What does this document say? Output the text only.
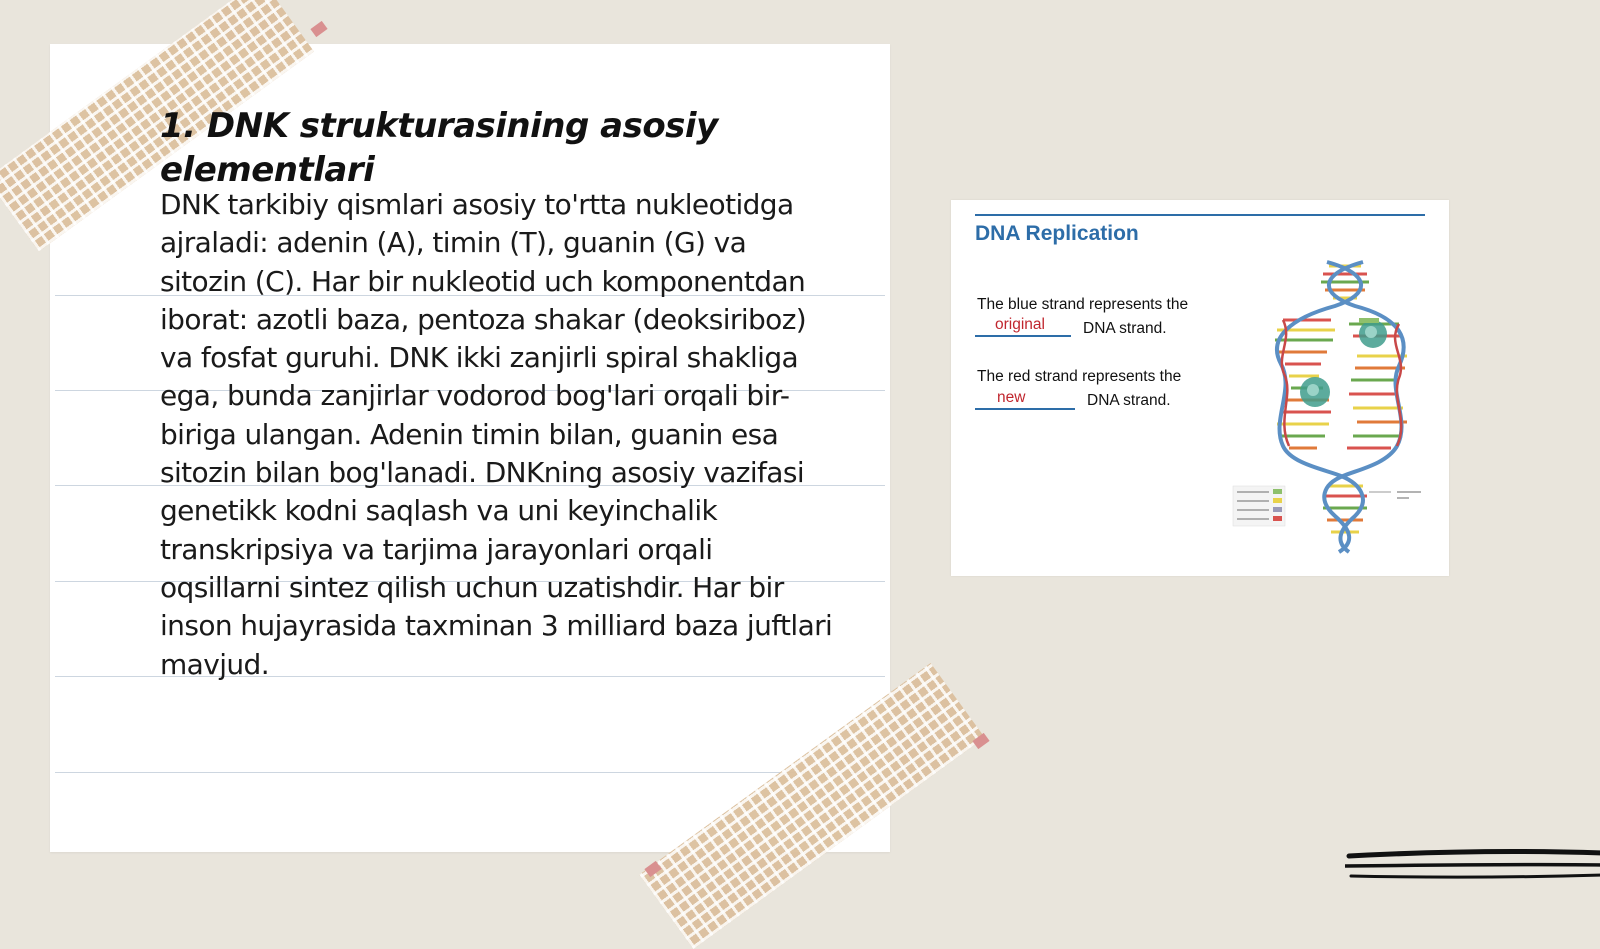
1. DNK strukturasining asosiy elementlari

DNK tarkibiy qismlari asosiy to'rtta nukleotidga ajraladi: adenin (A), timin (T), guanin (G) va sitozin (C). Har bir nukleotid uch komponentdan iborat: azotli baza, pentoza shakar (deoksiriboz) va fosfat guruhi. DNK ikki zanjirli spiral shakliga ega, bunda zanjirlar vodorod bog'lari orqali bir-biriga ulangan. Adenin timin bilan, guanin esa sitozin bilan bog'lanadi. DNKning asosiy vazifasi genetikk kodni saqlash va uni keyinchalik transkripsiya va tarjima jarayonlari orqali oqsillarni sintez qilish uchun uzatishdir. Har bir inson hujayrasida taxminan 3 milliard baza juftlari mavjud.

DNA Replication
The blue strand represents the
original DNA strand.
The red strand represents the
new	DNA strand.
